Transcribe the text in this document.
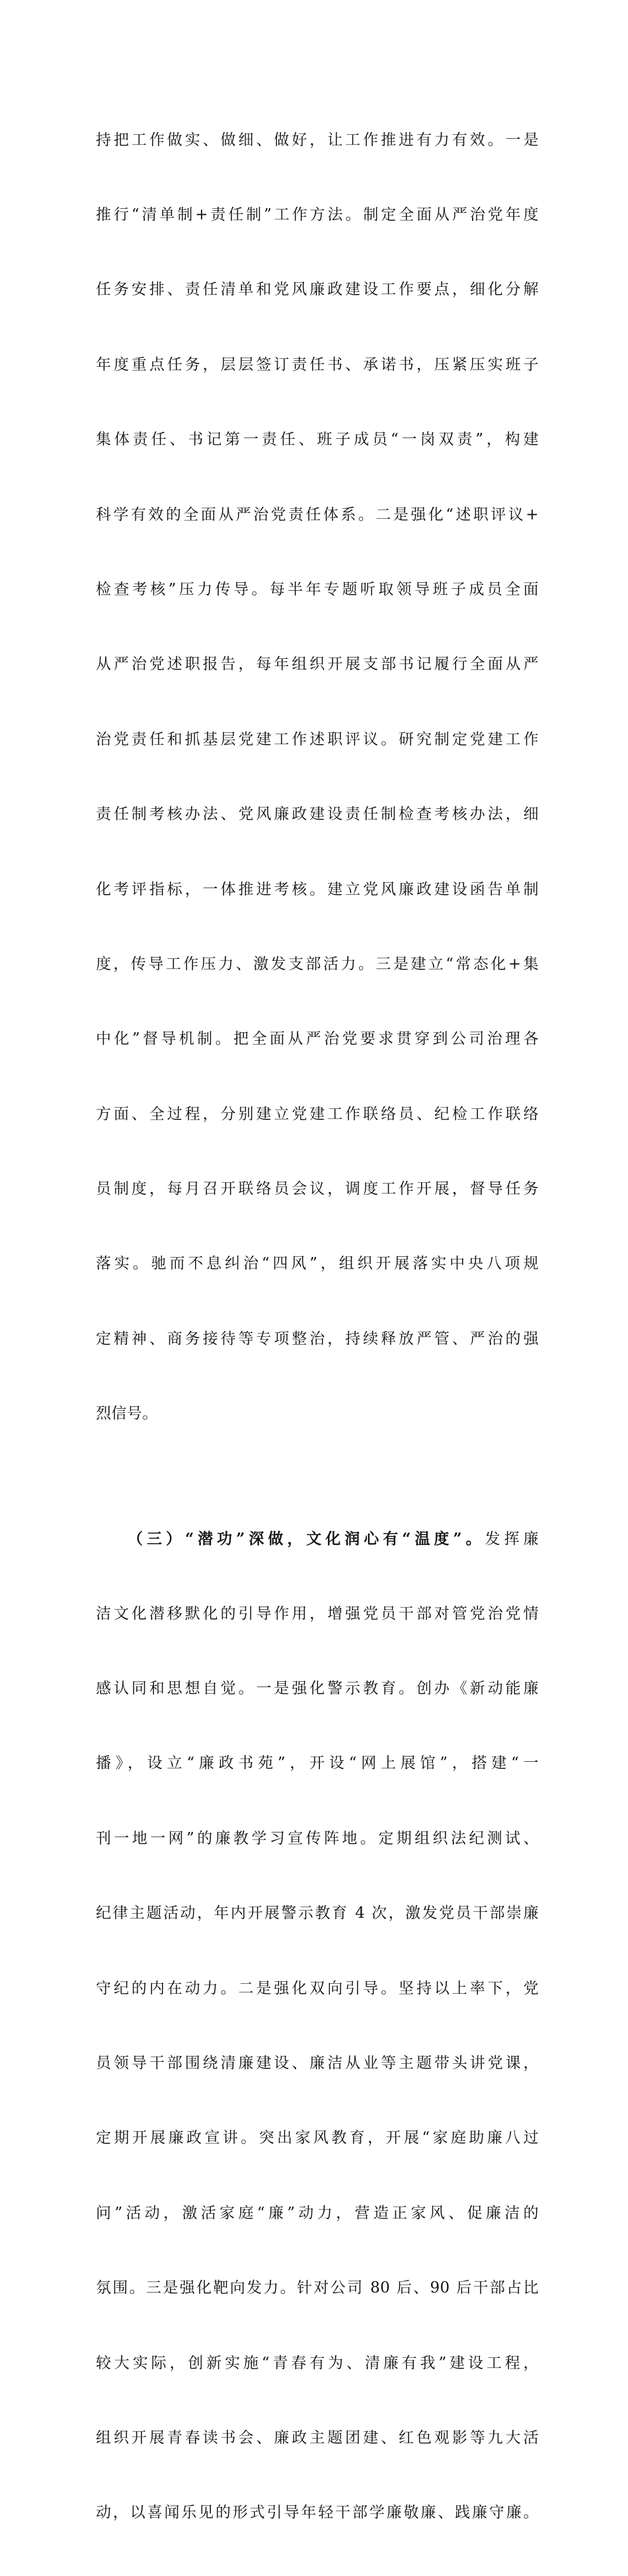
持把工作做实、做细、做好，让工作推进有力有效。一是

推行“清单制+责任制”工作方法。制定全面从严治党年度

任务安排、责任清单和党风廉政建设工作要点，细化分解

年度重点任务，层层签订责任书、承诺书，压紧压实班子

集体责任、书记第一责任、班子成员“一岗双责”，构建

科学有效的全面从严治党责任体系。二是强化“述职评议+

检查考核”压力传导。每半年专题听取领导班子成员全面

从严治党述职报告，每年组织开展支部书记履行全面从严

治党责任和抓基层党建工作述职评议。研究制定党建工作

责任制考核办法、党风廉政建设责任制检查考核办法，细

化考评指标，一体推进考核。建立党风廉政建设函告单制

度，传导工作压力、激发支部活力。三是建立“常态化+集

中化”督导机制。把全面从严治党要求贯穿到公司治理各

方面、全过程，分别建立党建工作联络员、纪检工作联络

员制度，每月召开联络员会议，调度工作开展，督导任务

落实。驰而不息纠治“四风”，组织开展落实中央八项规

定精神、商务接待等专项整治，持续释放严管、严治的强

烈信号。

（三）“潜功”深做，文化润心有“温度”。发挥廉

洁文化潜移默化的引导作用，增强党员干部对管党治党情

感认同和思想自觉。一是强化警示教育。创办《新动能廉

播》，设立“廉政书苑”，开设“网上展馆”，搭建“一

刊一地一网”的廉教学习宣传阵地。定期组织法纪测试、

纪律主题活动，年内开展警示教育 4 次，激发党员干部崇廉

守纪的内在动力。二是强化双向引导。坚持以上率下，党

员领导干部围绕清廉建设、廉洁从业等主题带头讲党课，

定期开展廉政宣讲。突出家风教育，开展“家庭助廉八过

问”活动，激活家庭“廉”动力，营造正家风、促廉洁的

氛围。三是强化靶向发力。针对公司 80 后、90 后干部占比

较大实际，创新实施“青春有为、清廉有我”建设工程，

组织开展青春读书会、廉政主题团建、红色观影等九大活

动，以喜闻乐见的形式引导年轻干部学廉敬廉、践廉守廉。
